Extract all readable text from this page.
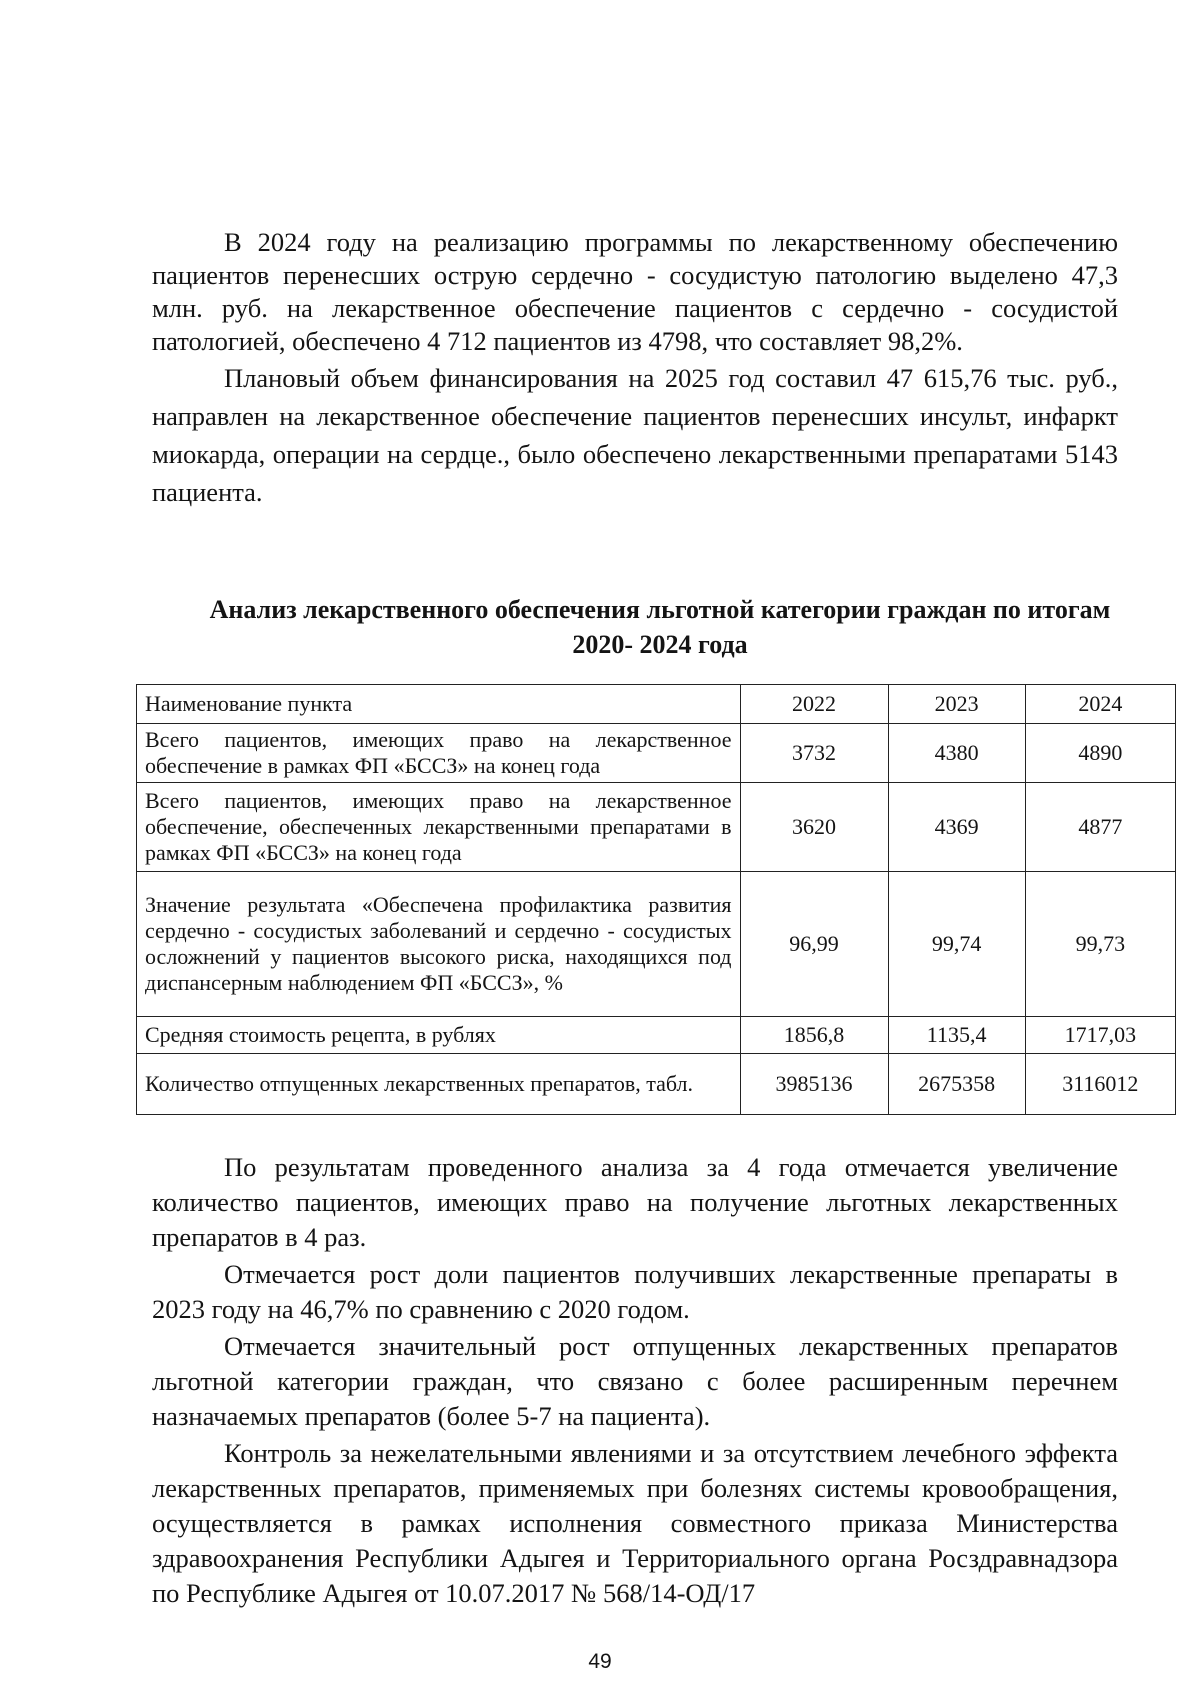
В 2024 году на реализацию программы по лекарственному обеспечению пациентов перенесших острую сердечно - сосудистую патологию выделено 47,3 млн. руб. на лекарственное обеспечение пациентов с сердечно - сосудистой патологией, обеспечено 4 712 пациентов из 4798, что составляет 98,2%.

Плановый объем финансирования на 2025 год составил 47 615,76 тыс. руб., направлен на лекарственное обеспечение пациентов перенесших инсульт, инфаркт миокарда, операции на сердце., было обеспечено лекарственными препаратами 5143 пациента.

Анализ лекарственного обеспечения льготной категории граждан по итогам 2020- 2024 года
Наименование пункта	2022	2023	2024
Всего пациентов, имеющих право на лекарственное обеспечение в рамках ФП «БССЗ» на конец года	3732	4380	4890
Всего пациентов, имеющих право на лекарственное обеспечение, обеспеченных лекарственными препаратами в рамках ФП «БССЗ» на конец года	3620	4369	4877
Значение результата «Обеспечена профилактика развития сердечно - сосудистых заболеваний и сердечно - сосудистых осложнений у пациентов высокого риска, находящихся под диспансерным наблюдением ФП «БССЗ», %	96,99	99,74	99,73
Средняя стоимость рецепта, в рублях	1856,8	1135,4	1717,03
Количество отпущенных лекарственных препаратов, табл.	3985136	2675358	3116012

По результатам проведенного анализа за 4 года отмечается увеличение количество пациентов, имеющих право на получение льготных лекарственных препаратов в 4 раз.

Отмечается рост доли пациентов получивших лекарственные препараты в 2023 году на 46,7% по сравнению с 2020 годом.

Отмечается значительный рост отпущенных лекарственных препаратов льготной категории граждан, что связано с более расширенным перечнем назначаемых препаратов (более 5-7 на пациента).

Контроль за нежелательными явлениями и за отсутствием лечебного эффекта лекарственных препаратов, применяемых при болезнях системы кровообращения, осуществляется в рамках исполнения совместного приказа Министерства здравоохранения Республики Адыгея и Территориального органа Росздравнадзора по Республике Адыгея от 10.07.2017 № 568/14-ОД/17

49
